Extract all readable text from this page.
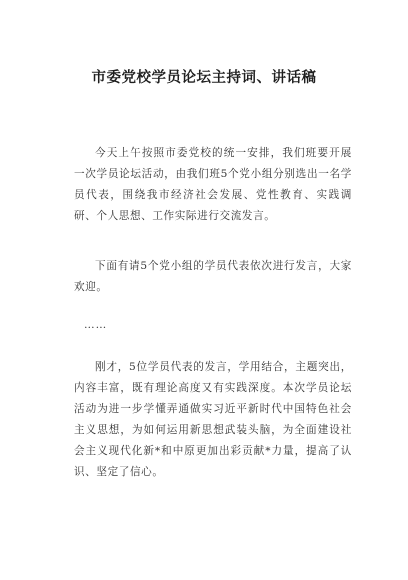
市委党校学员论坛主持词、讲话稿

今天上午按照市委党校的统一安排，我们班要开展一次学员论坛活动，由我们班5个党小组分别选出一名学员代表，围绕我市经济社会发展、党性教育、实践调研、个人思想、工作实际进行交流发言。

下面有请5个党小组的学员代表依次进行发言，大家欢迎。

……

刚才，5位学员代表的发言，学用结合，主题突出，内容丰富，既有理论高度又有实践深度。本次学员论坛活动为进一步学懂弄通做实习近平新时代中国特色社会主义思想，为如何运用新思想武装头脑，为全面建设社会主义现代化新*和中原更加出彩贡献*力量，提高了认识、坚定了信心。
